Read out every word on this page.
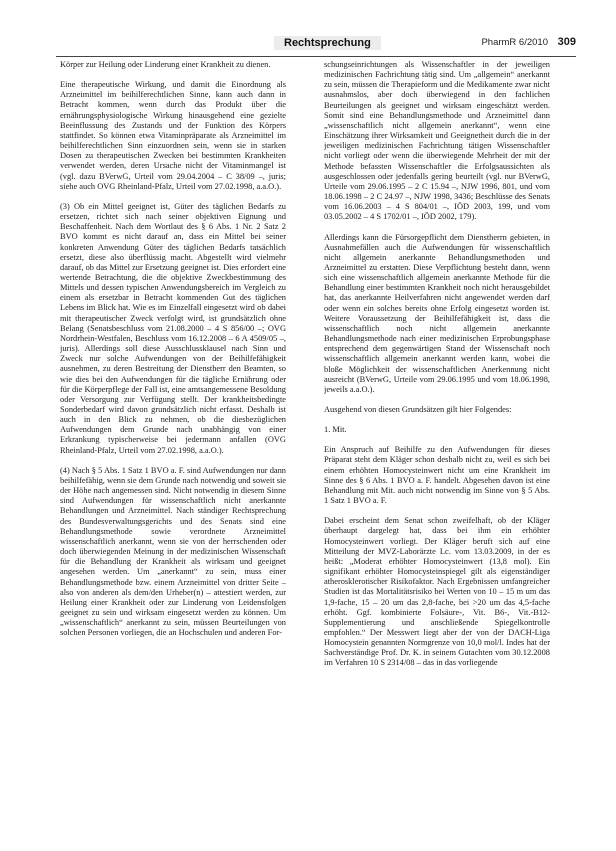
Rechtsprechung	PharmR 6/2010 309

Körper zur Heilung oder Linderung einer Krankheit zu dienen.

Eine therapeutische Wirkung, und damit die Einordnung als Arzneimittel im beihilferechtlichen Sinne, kann auch dann in Betracht kommen, wenn durch das Produkt über die ernährungsphysiologische Wirkung hinausgehend eine gezielte Beeinflussung des Zustands und der Funktion des Körpers stattfindet. So können etwa Vitaminpräparate als Arzneimittel im beihilferechtlichen Sinn einzuordnen sein, wenn sie in starken Dosen zu therapeutischen Zwecken bei bestimmten Krankheiten verwendet werden, deren Ursache nicht der Vitaminmangel ist (vgl. dazu BVerwG, Urteil vom 29.04.2004 – C 38/09 –, juris; siehe auch OVG Rheinland-Pfalz, Urteil vom 27.02.1998, a.a.O.).

(3) Ob ein Mittel geeignet ist, Güter des täglichen Bedarfs zu ersetzen, richtet sich nach seiner objektiven Eignung und Beschaffenheit. Nach dem Wortlaut des § 6 Abs. 1 Nr. 2 Satz 2 BVO kommt es nicht darauf an, dass ein Mittel bei seiner konkreten Anwendung Güter des täglichen Bedarfs tatsächlich ersetzt, diese also überflüssig macht. Abgestellt wird vielmehr darauf, ob das Mittel zur Ersetzung geeignet ist. Dies erfordert eine wertende Betrachtung, die die objektive Zweckbestimmung des Mittels und dessen typischen Anwendungsbereich im Vergleich zu einem als ersetzbar in Betracht kommenden Gut des täglichen Lebens im Blick hat. Wie es im Einzelfall eingesetzt wird ob dabei mit therapeutischer Zweck verfolgt wird, ist grundsätzlich ohne Belang (Senatsbeschluss vom 21.08.2000 – 4 S 856/00 –; OVG Nordrhein-Westfalen, Beschluss vom 16.12.2008 – 6 A 4509/05 –, juris). Allerdings soll diese Ausschlussklausel nach Sinn und Zweck nur solche Aufwendungen von der Beihilfefähigkeit ausnehmen, zu deren Bestreitung der Dienstherr den Beamten, so wie dies bei den Aufwendungen für die tägliche Ernährung oder für die Körperpflege der Fall ist, eine amtsangemessene Besoldung oder Versorgung zur Verfügung stellt. Der krankheitsbedingte Sonderbedarf wird davon grundsätzlich nicht erfasst. Deshalb ist auch in den Blick zu nehmen, ob die diesbezüglichen Aufwendungen dem Grunde nach unabhängig von einer Erkrankung typischerweise bei jedermann anfallen (OVG Rheinland-Pfalz, Urteil vom 27.02.1998, a.a.O.).

(4) Nach § 5 Abs. 1 Satz 1 BVO a. F. sind Aufwendungen nur dann beihilfefähig, wenn sie dem Grunde nach notwendig und soweit sie der Höhe nach angemessen sind. Nicht notwendig in diesem Sinne sind Aufwendungen für wissenschaftlich nicht anerkannte Behandlungen und Arzneimittel. Nach ständiger Rechtsprechung des Bundesverwaltungsgerichts und des Senats sind eine Behandlungsmethode sowie verordnete Arzneimittel wissenschaftlich anerkannt, wenn sie von der herrschenden oder doch überwiegenden Meinung in der medizinischen Wissenschaft für die Behandlung der Krankheit als wirksam und geeignet angesehen werden. Um „anerkannt“ zu sein, muss einer Behandlungsmethode bzw. einem Arzneimittel von dritter Seite – also von anderen als dem/den Urheber(n) – attestiert werden, zur Heilung einer Krankheit oder zur Linderung von Leidensfolgen geeignet zu sein und wirksam eingesetzt werden zu können. Um „wissenschaftlich“ anerkannt zu sein, müssen Beurteilungen von solchen Personen vorliegen, die an Hochschulen und anderen For-

schungseinrichtungen als Wissenschaftler in der jeweiligen medizinischen Fachrichtung tätig sind. Um „allgemein“ anerkannt zu sein, müssen die Therapieform und die Medikamente zwar nicht ausnahmslos, aber doch überwiegend in den fachlichen Beurteilungen als geeignet und wirksam eingeschätzt werden. Somit sind eine Behandlungsmethode und Arzneimittel dann „wissenschaftlich nicht allgemein anerkannt“, wenn eine Einschätzung ihrer Wirksamkeit und Geeignetheit durch die in der jeweiligen medizinischen Fachrichtung tätigen Wissenschaftler nicht vorliegt oder wenn die überwiegende Mehrheit der mit der Methode befassten Wissenschaftler die Erfolgsaussichten als ausgeschlossen oder jedenfalls gering beurteilt (vgl. nur BVerwG, Urteile vom 29.06.1995 – 2 C 15.94 –, NJW 1996, 801, und vom 18.06.1998 – 2 C 24.97 –, NJW 1998, 3436; Beschlüsse des Senats vom 16.06.2003 – 4 S 804/01 –, IÖD 2003, 199, und vom 03.05.2002 – 4 S 1702/01 –, IÖD 2002, 179).

Allerdings kann die Fürsorgepflicht dem Dienstherrn gebieten, in Ausnahmefällen auch die Aufwendungen für wissenschaftlich nicht allgemein anerkannte Behandlungsmethoden und Arzneimittel zu erstatten. Diese Verpflichtung besteht dann, wenn sich eine wissenschaftlich allgemein anerkannte Methode für die Behandlung einer bestimmten Krankheit noch nicht herausgebildet hat, das anerkannte Heilverfahren nicht angewendet werden darf oder wenn ein solches bereits ohne Erfolg eingesetzt worden ist. Weitere Voraussetzung der Beihilfefähigkeit ist, dass die wissenschaftlich noch nicht allgemein anerkannte Behandlungsmethode nach einer medizinischen Erprobungsphase entsprechend dem gegenwärtigen Stand der Wissenschaft noch wissenschaftlich allgemein anerkannt werden kann, wobei die bloße Möglichkeit der wissenschaftlichen Anerkennung nicht ausreicht (BVerwG, Urteile vom 29.06.1995 und vom 18.06.1998, jeweils a.a.O.).

Ausgehend von diesen Grundsätzen gilt hier Folgendes:

1. Mit.

Ein Anspruch auf Beihilfe zu den Aufwendungen für dieses Präparat steht dem Kläger schon deshalb nicht zu, weil es sich bei einem erhöhten Homocysteinwert nicht um eine Krankheit im Sinne des § 6 Abs. 1 BVO a. F. handelt. Abgesehen davon ist eine Behandlung mit Mit. auch nicht notwendig im Sinne von § 5 Abs. 1 Satz 1 BVO a. F.

Dabei erscheint dem Senat schon zweifelhaft, ob der Kläger überhaupt dargelegt hat, dass bei ihm ein erhöhter Homocysteinwert vorliegt. Der Kläger beruft sich auf eine Mitteilung der MVZ-Laborärzte Lc. vom 13.03.2009, in der es heißt: „Moderat erhöhter Homocysteinwert (13,8 mol). Ein signifikant erhöhter Homocysteinspiegel gilt als eigenständiger atherosklerotischer Risikofaktor. Nach Ergebnissen umfangreicher Studien ist das Mortalitätsrisiko bei Werten von 10 – 15 m um das 1,9-fache, 15 – 20 um das 2,8-fache, bei >20 um das 4,5-fache erhöht. Ggf. kombinierte Folsäure-, Vit. B6-, Vit.-B12-Supplementierung und anschließende Spiegelkontrolle empfohlen.“ Der Messwert liegt aber der von der DACH-Liga Homocystein genannten Normgrenze von 10,0 mol/l. Indes hat der Sachverständige Prof. Dr. K. in seinem Gutachten vom 30.12.2008 im Verfahren 10 S 2314/08 – das in das vorliegende
